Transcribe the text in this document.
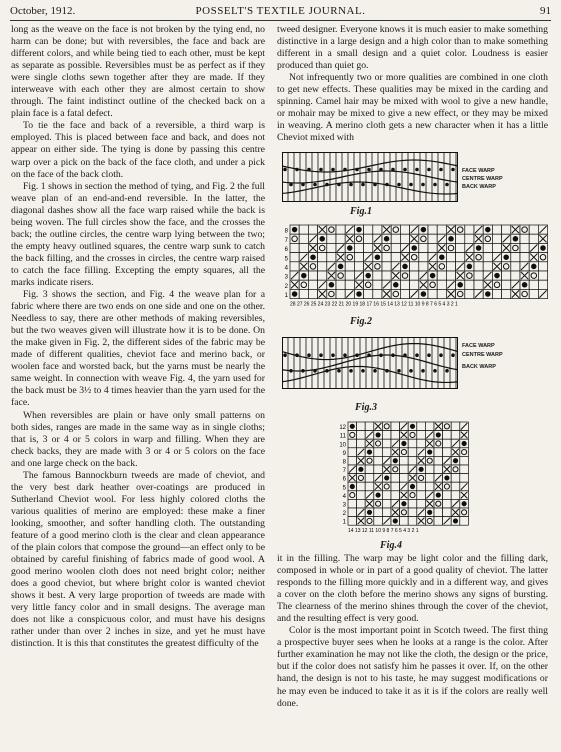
October, 1912.	POSSELT'S TEXTILE JOURNAL.	91

long as the weave on the face is not broken by the tying end, no harm can be done; but with reversibles, the face and back are different colors, and while being tied to each other, must be kept as separate as possible. Reversibles must be as perfect as if they were single cloths sewn together after they are made. If they interweave with each other they are almost certain to show through. The faint indistinct outline of the checked back on a plain face is a fatal defect.

To tie the face and back of a reversible, a third warp is employed. This is placed between face and back, and does not appear on either side. The tying is done by passing this centre warp over a pick on the back of the face cloth, and under a pick on the face of the back cloth.

Fig. 1 shows in section the method of tying, and Fig. 2 the full weave plan of an end-and-end reversible. In the latter, the diagonal dashes show all the face warp raised while the back is being woven. The full circles show the face, and the crosses the back; the outline circles, the centre warp lying between the two; the empty heavy outlined squares, the centre warp sunk to catch the back filling, and the crosses in circles, the centre warp raised to catch the face filling. Excepting the empty squares, all the marks indicate risers.

Fig. 3 shows the section, and Fig. 4 the weave plan for a fabric where there are two ends on one side and one on the other. Needless to say, there are other methods of making reversibles, but the two weaves given will illustrate how it is to be done. On the make given in Fig. 2, the different sides of the fabric may be made of different qualities, cheviot face and merino back, or woolen face and worsted back, but the yarns must be nearly the same weight. In connection with weave Fig. 4, the yarn used for the back must be 3½ to 4 times heavier than the yarn used for the face.

When reversibles are plain or have only small patterns on both sides, ranges are made in the same way as in single cloths; that is, 3 or 4 or 5 colors in warp and filling. When they are check backs, they are made with 3 or 4 or 5 colors on the face and one large check on the back.

The famous Bannockburn tweeds are made of cheviot, and the very best dark heather over-coatings are produced in Sutherland Cheviot wool. For less highly colored cloths the various qualities of merino are employed: these make a finer looking, smoother, and softer handling cloth. The outstanding feature of a good merino cloth is the clear and clean appearance of the plain colors that compose the ground—an effect only to be obtained by careful finishing of fabrics made of good wool. A good merino woolen cloth does not need bright color; neither does a good cheviot, but where bright color is wanted cheviot shows it best. A very large proportion of tweeds are made with very little fancy color and in small designs. The average man does not like a conspicuous color, and must have his designs rather under than over 2 inches in size, and yet he must have distinction. It is this that constitutes the greatest difficulty of the

tweed designer. Everyone knows it is much easier to make something distinctive in a large design and a high color than to make something different in a small design and a quiet color. Loudness is easier produced than quiet go.

Not infrequently two or more qualities are combined in one cloth to get new effects. These qualities may be mixed in the carding and spinning. Camel hair may be mixed with wool to give a new handle, or mohair may be mixed to give a new effect, or they may be mixed in weaving. A merino cloth gets a new character when it has a little Cheviot mixed with

FACE WARP
CENTRE WARP
BACK WARP
Fig.1
8
7
6
5
4
3
2
1
28 27 26 25 24 23 22 21 20 19 18 17 16 15 14 13 12 11 10 9 8 7 6 5 4 3 2 1
Fig.2
FACE WARP
CENTRE WARP
BACK WARP
Fig.3
12
11
10
9
8
7
6
5
4
3
2
1
14 13 12 11 10 9 8 7 6 5 4 3 2 1
Fig.4

it in the filling. The warp may be light color and the filling dark, composed in whole or in part of a good quality of cheviot. The latter responds to the filling more quickly and in a different way, and gives a cover on the cloth before the merino shows any signs of bursting. The clearness of the merino shines through the cover of the cheviot, and the resulting effect is very good.

Color is the most important point in Scotch tweed. The first thing a prospective buyer sees when he looks at a range is the color. After further examination he may not like the cloth, the design or the price, but if the color does not satisfy him he passes it over. If, on the other hand, the design is not to his taste, he may suggest modifications or he may even be induced to take it as it is if the colors are really well done.
